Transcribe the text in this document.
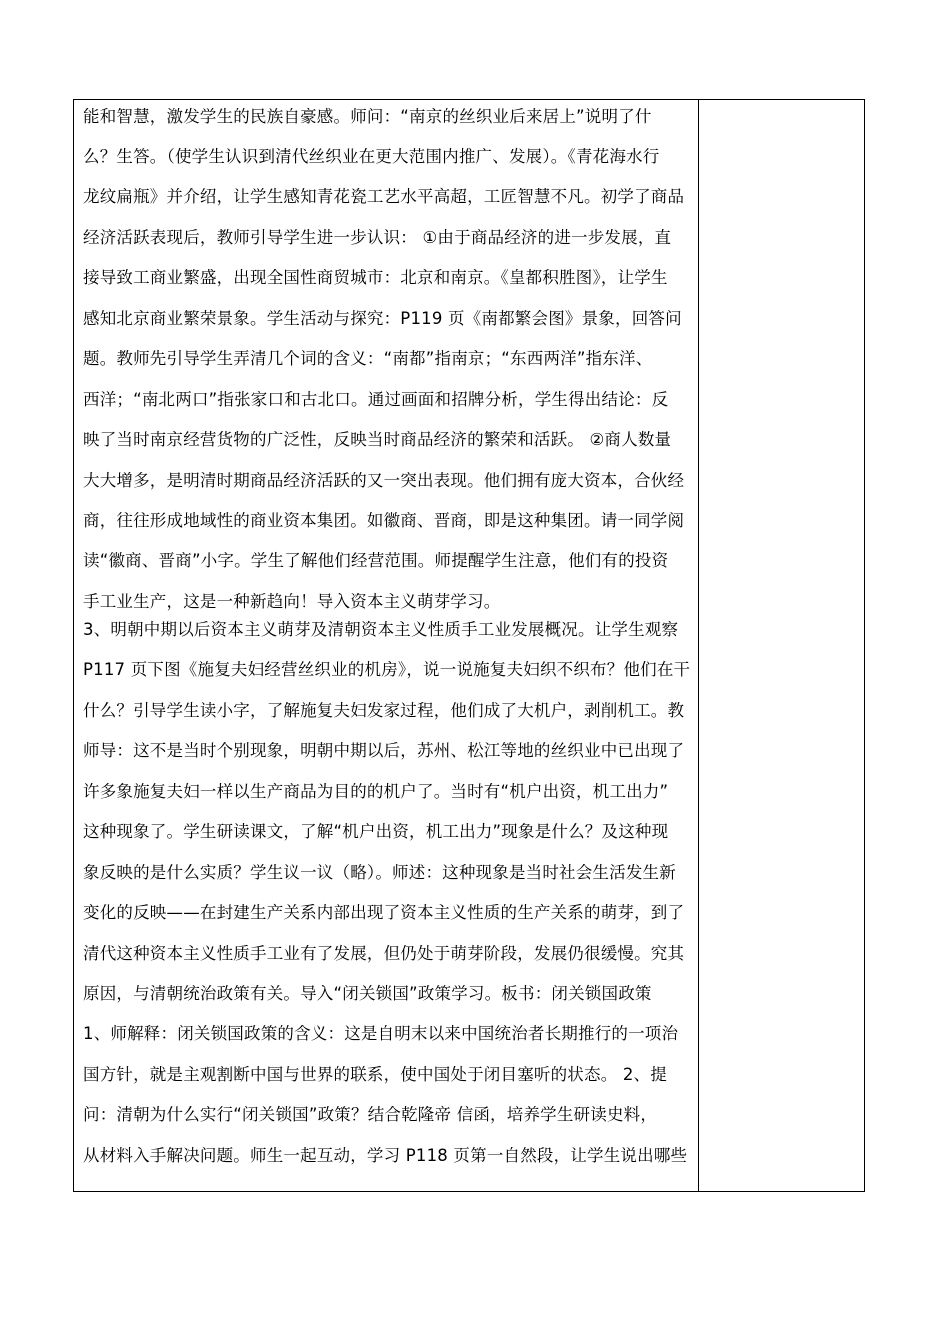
能和智慧，激发学生的民族自豪感。师问：“南京的丝织业后来居上”说明了什
么？生答。（使学生认识到清代丝织业在更大范围内推广、发展）。《青花海水行
龙纹扁瓶》并介绍，让学生感知青花瓷工艺水平高超，工匠智慧不凡。初学了商品
经济活跃表现后，教师引导学生进一步认识： ①由于商品经济的进一步发展，直
接导致工商业繁盛，出现全国性商贸城市：北京和南京。《皇都积胜图》，让学生
感知北京商业繁荣景象。学生活动与探究：P119 页《南都繁会图》景象，回答问
题。教师先引导学生弄清几个词的含义：“南都”指南京；“东西两洋”指东洋、
西洋；“南北两口”指张家口和古北口。通过画面和招牌分析，学生得出结论：反
映了当时南京经营货物的广泛性，反映当时商品经济的繁荣和活跃。 ②商人数量
大大增多，是明清时期商品经济活跃的又一突出表现。他们拥有庞大资本，合伙经
商，往往形成地域性的商业资本集团。如徽商、晋商，即是这种集团。请一同学阅
读“徽商、晋商”小字。学生了解他们经营范围。师提醒学生注意，他们有的投资
手工业生产，这是一种新趋向！导入资本主义萌芽学习。
3、明朝中期以后资本主义萌芽及清朝资本主义性质手工业发展概况。让学生观察
P117 页下图《施复夫妇经营丝织业的机房》，说一说施复夫妇织不织布？他们在干
什么？引导学生读小字，了解施复夫妇发家过程，他们成了大机户，剥削机工。教
师导：这不是当时个别现象，明朝中期以后，苏州、松江等地的丝织业中已出现了
许多象施复夫妇一样以生产商品为目的的机户了。当时有“机户出资，机工出力”
这种现象了。学生研读课文，了解“机户出资，机工出力”现象是什么？及这种现
象反映的是什么实质？学生议一议（略）。师述：这种现象是当时社会生活发生新
变化的反映——在封建生产关系内部出现了资本主义性质的生产关系的萌芽，到了
清代这种资本主义性质手工业有了发展，但仍处于萌芽阶段，发展仍很缓慢。究其
原因，与清朝统治政策有关。导入“闭关锁国”政策学习。板书：闭关锁国政策
1、师解释：闭关锁国政策的含义：这是自明末以来中国统治者长期推行的一项治
国方针，就是主观割断中国与世界的联系，使中国处于闭目塞听的状态。 2、提
问：清朝为什么实行“闭关锁国”政策？结合乾隆帝 信函，培养学生研读史料，
从材料入手解决问题。师生一起互动，学习 P118 页第一自然段，让学生说出哪些
